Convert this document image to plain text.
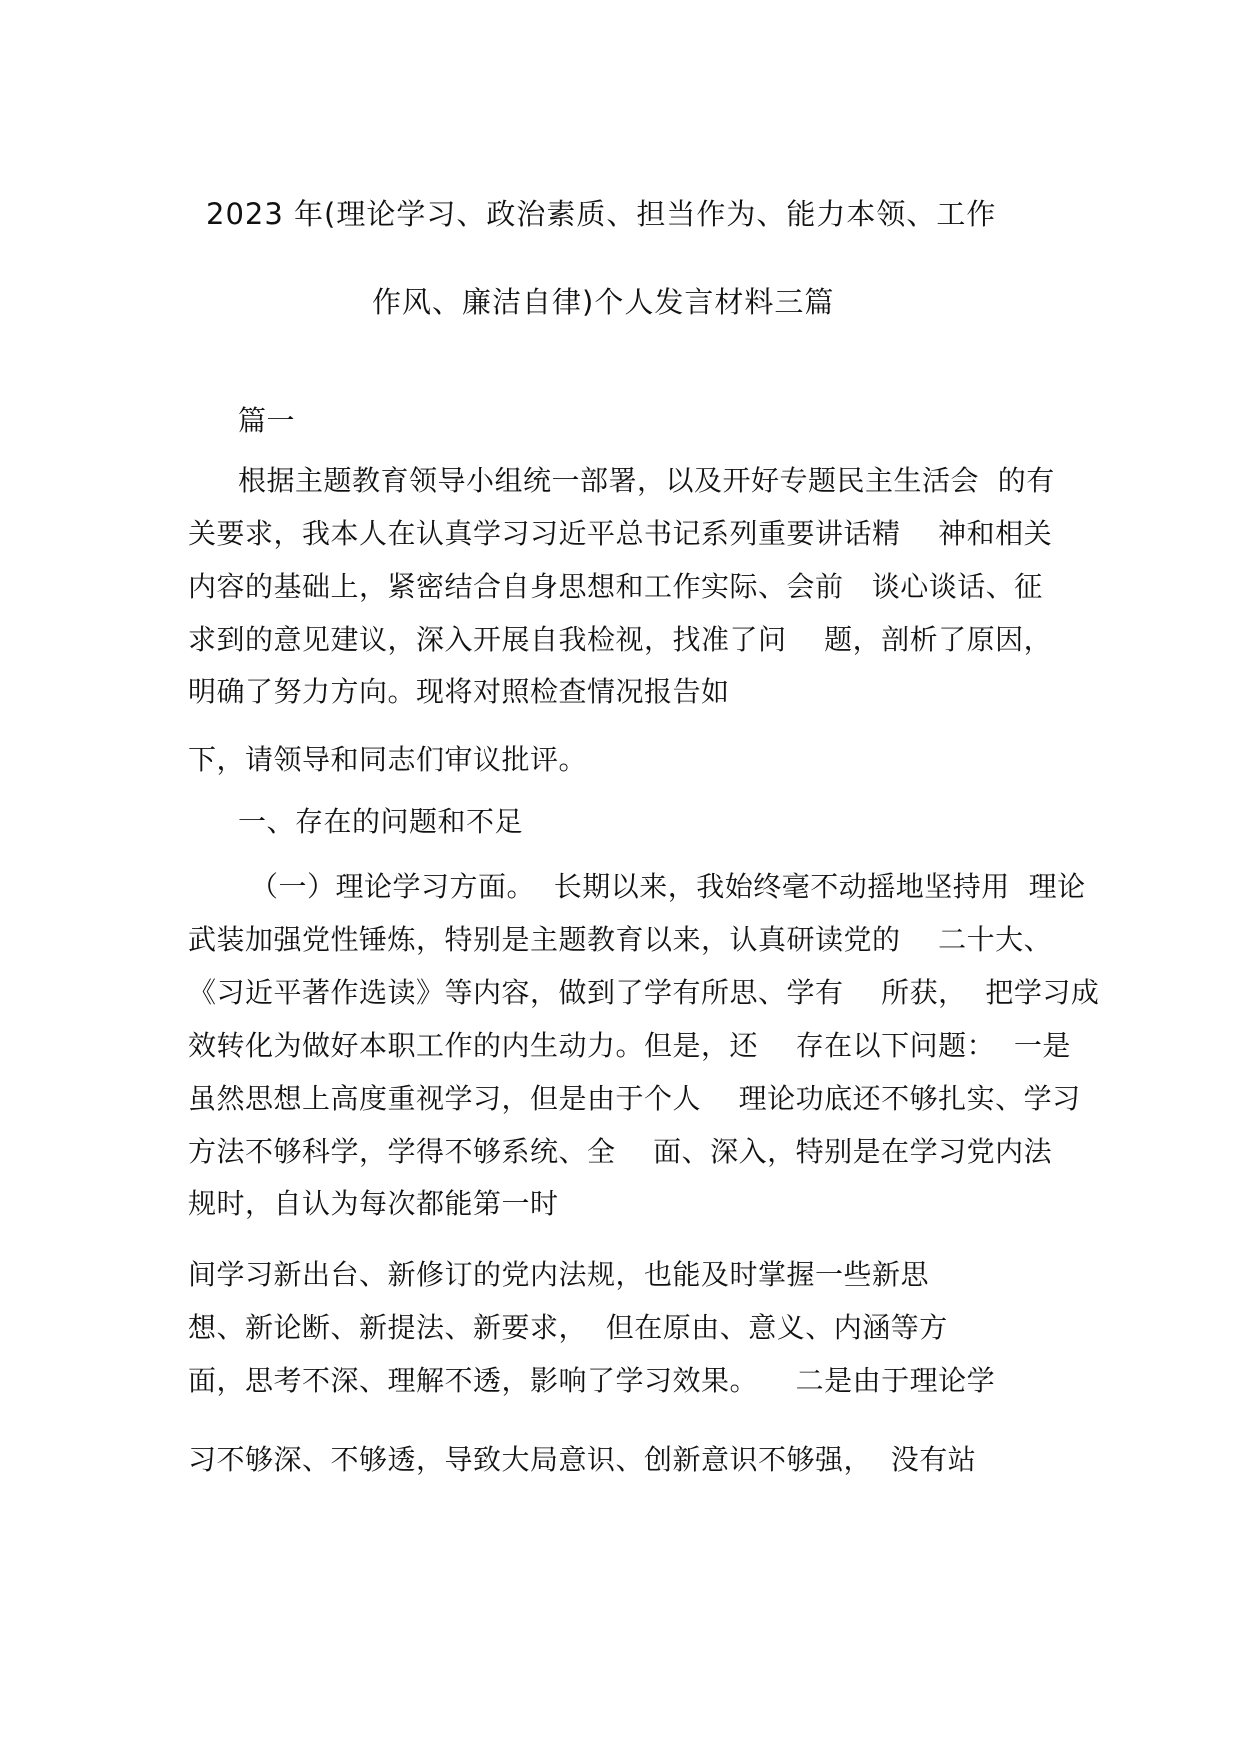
2023 年(理论学习、政治素质、担当作为、能力本领、工作
作风、廉洁自律)个人发言材料三篇
篇一
根据主题教育领导小组统一部署，以及开好专题民主生活会  的有
关要求，我本人在认真学习习近平总书记系列重要讲话精    神和相关
内容的基础上，紧密结合自身思想和工作实际、会前   谈心谈话、征
求到的意见建议，深入开展自我检视，找准了问    题，剖析了原因，
明确了努力方向。现将对照检查情况报告如
下，请领导和同志们审议批评。
一、存在的问题和不足
（一）理论学习方面。  长期以来，我始终毫不动摇地坚持用  理论
武装加强党性锤炼，特别是主题教育以来，认真研读党的    二十大、
《习近平著作选读》等内容，做到了学有所思、学有    所获，  把学习成
效转化为做好本职工作的内生动力。但是，还    存在以下问题：  一是
虽然思想上高度重视学习，但是由于个人    理论功底还不够扎实、学习
方法不够科学，学得不够系统、全    面、深入，特别是在学习党内法
规时，自认为每次都能第一时
间学习新出台、新修订的党内法规，也能及时掌握一些新思
想、新论断、新提法、新要求，  但在原由、意义、内涵等方
面，思考不深、理解不透，影响了学习效果。    二是由于理论学
习不够深、不够透，导致大局意识、创新意识不够强，  没有站
